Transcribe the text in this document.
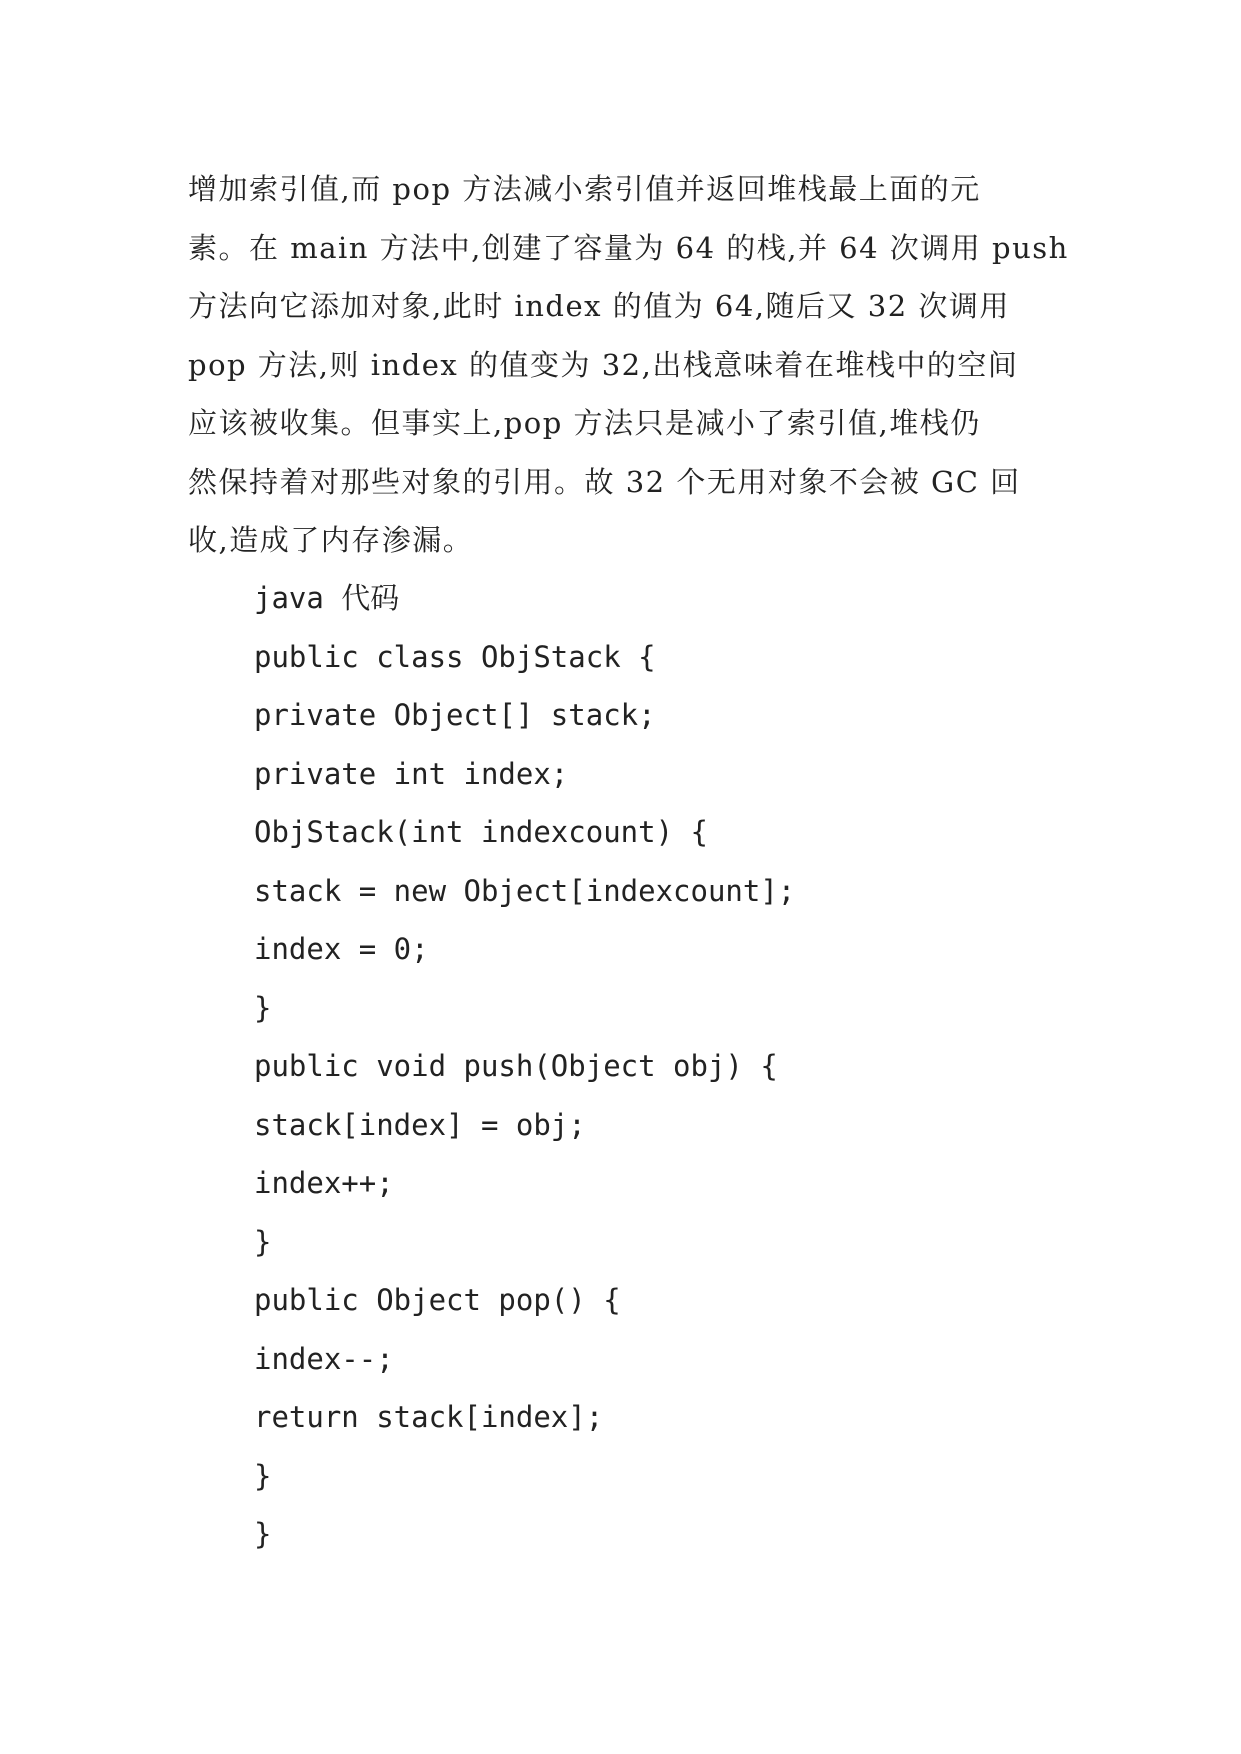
增加索引值,而 pop 方法减小索引值并返回堆栈最上面的元
素。在 main 方法中,创建了容量为 64 的栈,并 64 次调用 push
方法向它添加对象,此时 index 的值为 64,随后又 32 次调用
pop 方法,则 index 的值变为 32,出栈意味着在堆栈中的空间
应该被收集。但事实上,pop 方法只是减小了索引值,堆栈仍
然保持着对那些对象的引用。故 32 个无用对象不会被 GC 回
收,造成了内存渗漏。
java 代码
public class ObjStack {
private Object[] stack;
private int index;
ObjStack(int indexcount) {
stack = new Object[indexcount];
index = 0;
}
public void push(Object obj) {
stack[index] = obj;
index++;
}
public Object pop() {
index--;
return stack[index];
}
}
